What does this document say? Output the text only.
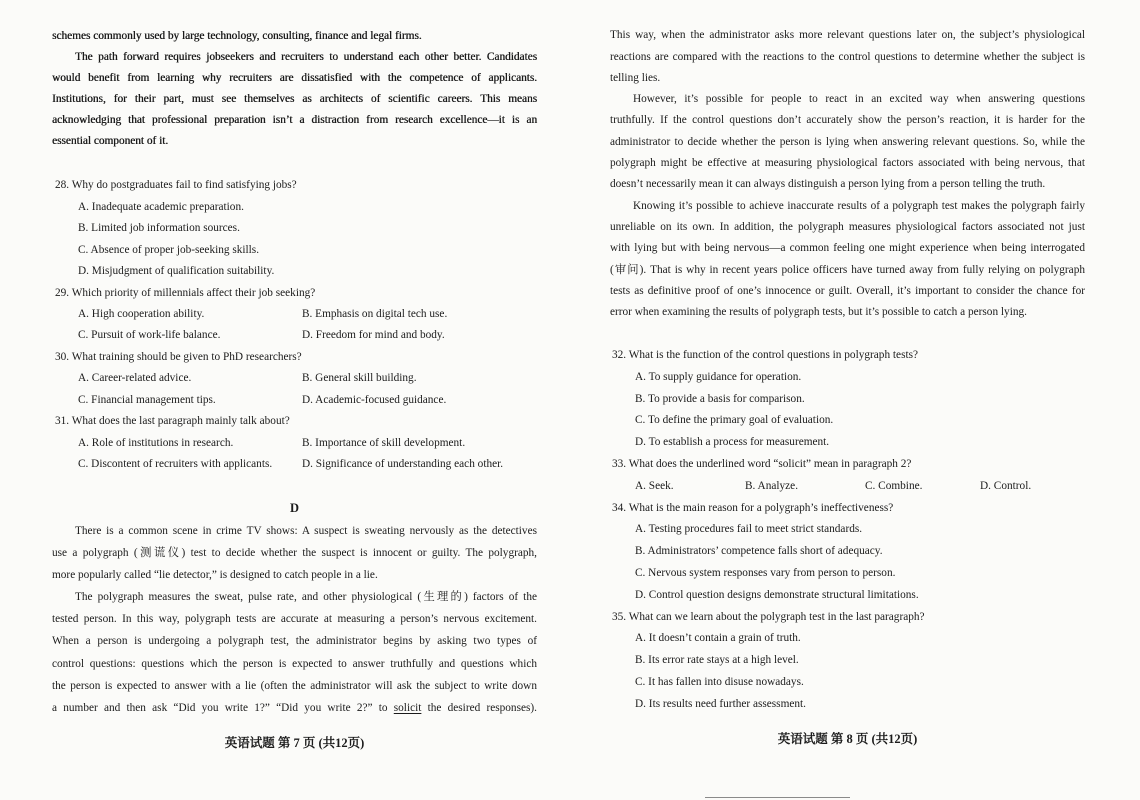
schemes commonly used by large technology, consulting, finance and legal firms.
The path forward requires jobseekers and recruiters to understand each other better. Candidates
would benefit from learning why recruiters are dissatisfied with the competence of applicants.
Institutions, for their part, must see themselves as architects of scientific careers. This means
acknowledging that professional preparation isn’t a distraction from research excellence—it is an
essential component of it.
28. Why do postgraduates fail to find satisfying jobs?
A. Inadequate academic preparation.
B. Limited job information sources.
C. Absence of proper job-seeking skills.
D. Misjudgment of qualification suitability.
29. Which priority of millennials affect their job seeking?
A. High cooperation ability.	B. Emphasis on digital tech use.
C. Pursuit of work-life balance.	D. Freedom for mind and body.
30. What training should be given to PhD researchers?
A. Career-related advice.	B. General skill building.
C. Financial management tips.	D. Academic-focused guidance.
31. What does the last paragraph mainly talk about?
A. Role of institutions in research.	B. Importance of skill development.
C. Discontent of recruiters with applicants.	D. Significance of understanding each other.
D
There is a common scene in crime TV shows: A suspect is sweating nervously as the detectives
use a polygraph (测谎仪) test to decide whether the suspect is innocent or guilty. The polygraph,
more popularly called “lie detector,” is designed to catch people in a lie.
The polygraph measures the sweat, pulse rate, and other physiological (生理的) factors of the
tested person. In this way, polygraph tests are accurate at measuring a person’s nervous excitement.
When a person is undergoing a polygraph test, the administrator begins by asking two types of
control questions: questions which the person is expected to answer truthfully and questions which
the person is expected to answer with a lie (often the administrator will ask the subject to write down
a number and then ask “Did you write 1?” “Did you write 2?” to solicit the desired responses).
英语试题 第 7 页 (共12页)
This way, when the administrator asks more relevant questions later on, the subject’s physiological
reactions are compared with the reactions to the control questions to determine whether the subject is
telling lies.
However, it’s possible for people to react in an excited way when answering questions
truthfully. If the control questions don’t accurately show the person’s reaction, it is harder for the
administrator to decide whether the person is lying when answering relevant questions. So, while the
polygraph might be effective at measuring physiological factors associated with being nervous, that
doesn’t necessarily mean it can always distinguish a person lying from a person telling the truth.
Knowing it’s possible to achieve inaccurate results of a polygraph test makes the polygraph fairly
unreliable on its own. In addition, the polygraph measures physiological factors associated not just
with lying but with being nervous—a common feeling one might experience when being interrogated
(审问). That is why in recent years police officers have turned away from fully relying on polygraph
tests as definitive proof of one’s innocence or guilt. Overall, it’s important to consider the chance for
error when examining the results of polygraph tests, but it’s possible to catch a person lying.
32. What is the function of the control questions in polygraph tests?
A. To supply guidance for operation.
B. To provide a basis for comparison.
C. To define the primary goal of evaluation.
D. To establish a process for measurement.
33. What does the underlined word “solicit” mean in paragraph 2?
A. Seek.	B. Analyze.	C. Combine.	D. Control.
34. What is the main reason for a polygraph’s ineffectiveness?
A. Testing procedures fail to meet strict standards.
B. Administrators’ competence falls short of adequacy.
C. Nervous system responses vary from person to person.
D. Control question designs demonstrate structural limitations.
35. What can we learn about the polygraph test in the last paragraph?
A. It doesn’t contain a grain of truth.
B. Its error rate stays at a high level.
C. It has fallen into disuse nowadays.
D. Its results need further assessment.
英语试题 第 8 页 (共12页)
